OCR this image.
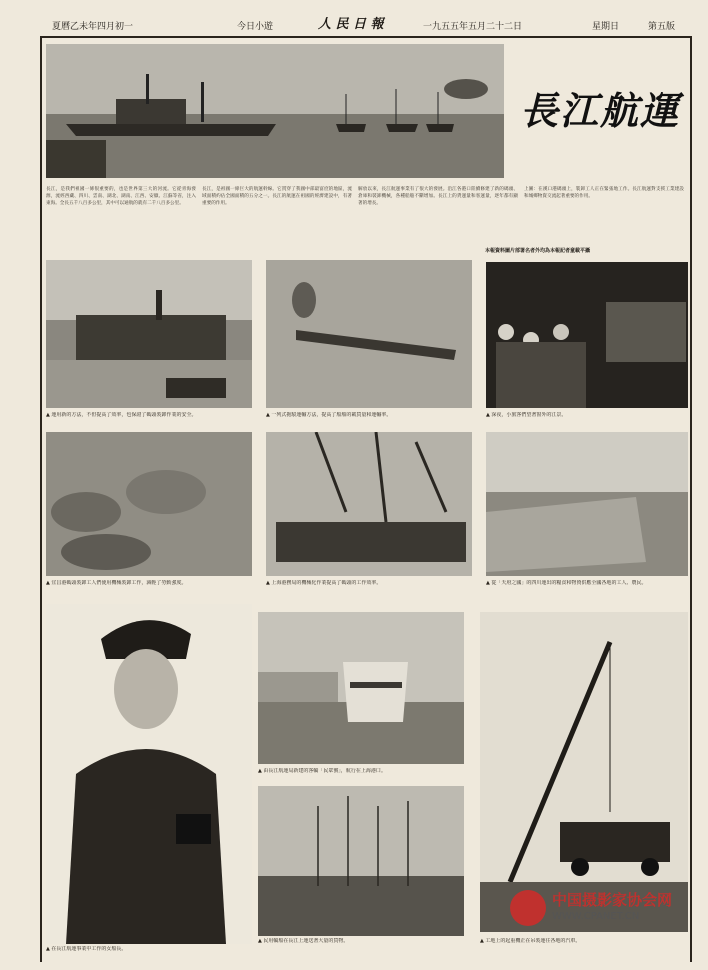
夏曆乙未年四月初一	今日小遊	人 民 日 報	一九五五年五月二十二日	星期日	第五版
長江航運
長江，是我們祖國一條很重要的，也是世界第三大的河流。它從青海發源，流經西藏、四川、雲南、湖北、湖南、江西、安徽、江蘇等省，注入東海。全長五千八百多公里，其中可以通航的就有二千八百多公里。
長江，是祖國一條巨大的航運幹線。它貫穿了我國中部最富庶的地區，流域面積約佔全國面積的五分之一。長江的航運在祖國的經濟建設中，有著重要的作用。
解放以來，長江航運事業有了很大的發展。沿江各港口陸續修建了新的碼頭、倉庫和裝卸機械，各種船舶不斷增加。長江上的貨運量和客運量，逐年都有顯著的增長。
上圖：在漢口港碼頭上，裝卸工人正在緊張地工作。長江航運對支援工業建設和城鄉物資交流起著重要的作用。
本報資料圖片部署名者外均為本報記者童載平攝
▲ 運用新的方法，不但提高了效率，也保證了碼頭裝卸作業的安全。	▲ 一列式拖駁運輸方法，提高了船舶的載貨量和運輸率。	▲ 深夜，小旅客們望著窗外的江景。
▲ 宜昌港碼頭裝卸工人們使用機械裝卸工作，減輕了勞動強度。	▲ 上海港務局的機械化作業提高了碼頭的工作效率。	▲ 從「天府之國」的四川運出的糧食和物資供應全國各地的工人、農民。
▲ 在長江航運事業中工作的女船長。
▲ 由長江航運局新建的客輪「民眾號」，航行在上海港口。
▲ 民用輪船在長江上運送著大量的貨物。	▲ 工地上的起重機正在吊裝運往各地的汽車。
中国摄影家协会网
WWW.CPANET.CN
